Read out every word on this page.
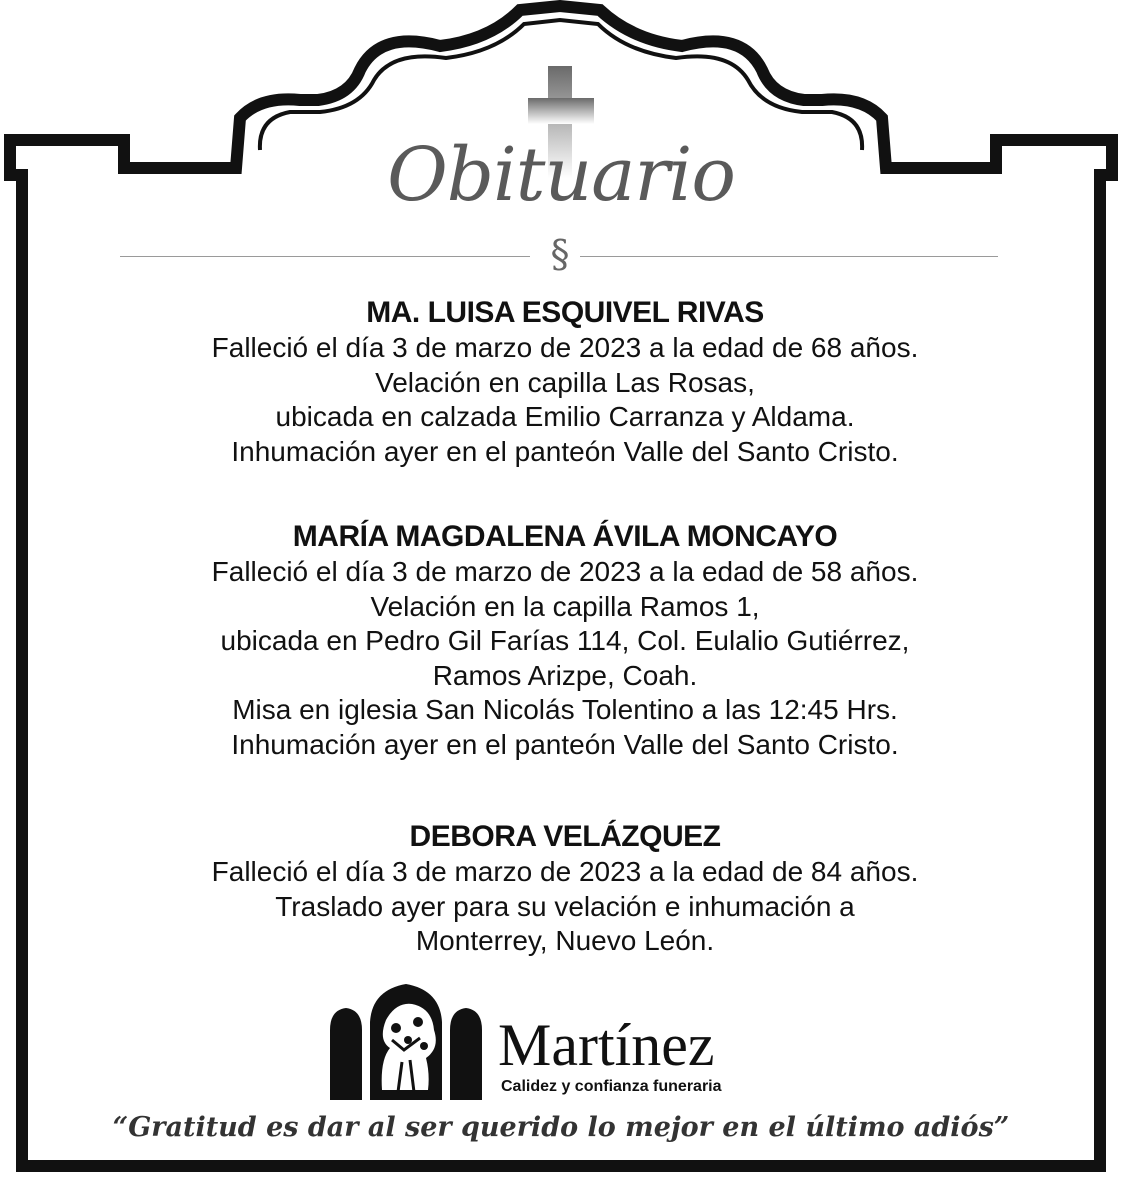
Obituario
§
MA. LUISA ESQUIVEL RIVAS
Falleció el día 3 de marzo de 2023 a la edad de 68 años.
Velación en capilla Las Rosas,
ubicada en calzada Emilio Carranza y Aldama.
Inhumación ayer en el panteón Valle del Santo Cristo.
MARÍA MAGDALENA ÁVILA MONCAYO
Falleció el día 3 de marzo de 2023 a la edad de 58 años.
Velación en la capilla Ramos 1,
ubicada en Pedro Gil Farías 114, Col. Eulalio Gutiérrez,
Ramos Arizpe, Coah.
Misa en iglesia San Nicolás Tolentino a las 12:45 Hrs.
Inhumación ayer en el panteón Valle del Santo Cristo.
DEBORA VELÁZQUEZ
Falleció el día 3 de marzo de 2023 a la edad de 84 años.
Traslado ayer para su velación e inhumación a
Monterrey, Nuevo León.
Martínez
Calidez y confianza funeraria
“Gratitud es dar al ser querido lo mejor en el último adiós”
